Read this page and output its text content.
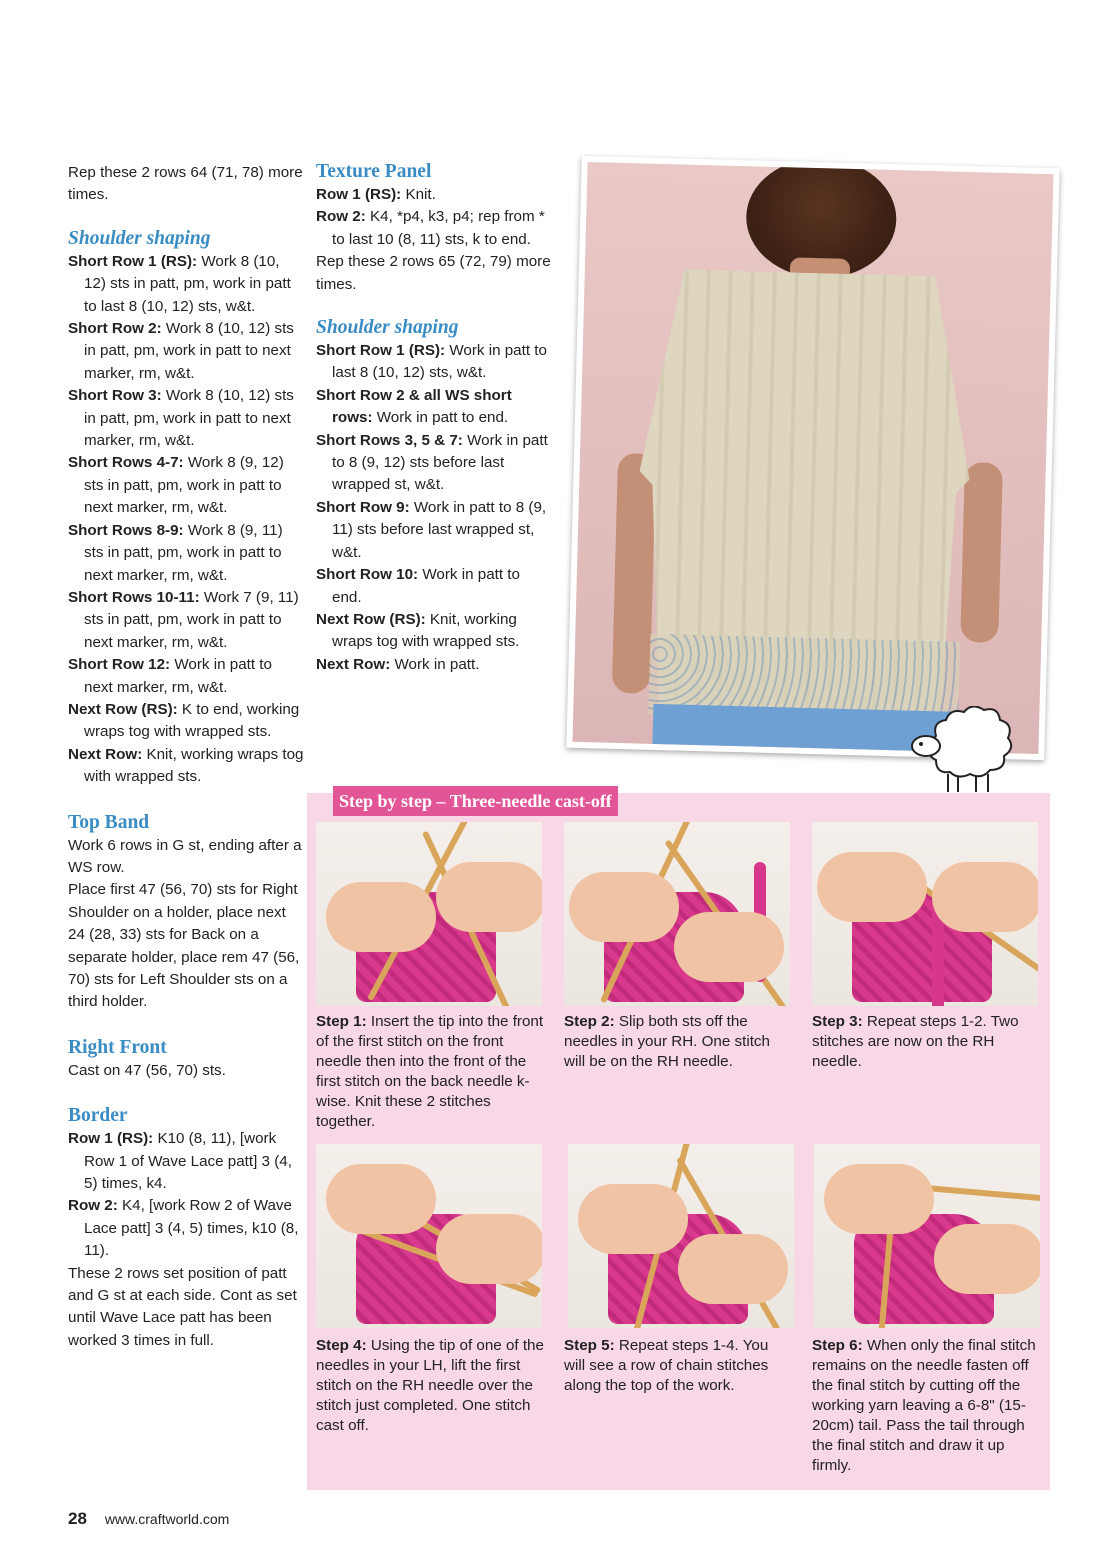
Rep these 2 rows 64 (71, 78) more times.

Shoulder shaping

Short Row 1 (RS): Work 8 (10, 12) sts in patt, pm, work in patt to last 8 (10, 12) sts, w&t.

Short Row 2: Work 8 (10, 12) sts in patt, pm, work in patt to next marker, rm, w&t.

Short Row 3: Work 8 (10, 12) sts in patt, pm, work in patt to next marker, rm, w&t.

Short Rows 4-7: Work 8 (9, 12) sts in patt, pm, work in patt to next marker, rm, w&t.

Short Rows 8-9: Work 8 (9, 11) sts in patt, pm, work in patt to next marker, rm, w&t.

Short Rows 10-11: Work 7 (9, 11) sts in patt, pm, work in patt to next marker, rm, w&t.

Short Row 12: Work in patt to next marker, rm, w&t.

Next Row (RS): K to end, working wraps tog with wrapped sts.

Next Row: Knit, working wraps tog with wrapped sts.

Top Band

Work 6 rows in G st, ending after a WS row.

Place first 47 (56, 70) sts for Right Shoulder on a holder, place next 24 (28, 33) sts for Back on a separate holder, place rem 47 (56, 70) sts for Left Shoulder sts on a third holder.

Right Front

Cast on 47 (56, 70) sts.

Border

Row 1 (RS): K10 (8, 11), [work Row 1 of Wave Lace patt] 3 (4, 5) times, k4.

Row 2: K4, [work Row 2 of Wave Lace patt] 3 (4, 5) times, k10 (8, 11).

These 2 rows set position of patt and G st at each side. Cont as set until Wave Lace patt has been worked 3 times in full.

Texture Panel

Row 1 (RS): Knit.

Row 2: K4, *p4, k3, p4; rep from * to last 10 (8, 11) sts, k to end.

Rep these 2 rows 65 (72, 79) more times.

Shoulder shaping

Short Row 1 (RS): Work in patt to last 8 (10, 12) sts, w&t.

Short Row 2 & all WS short rows: Work in patt to end.

Short Rows 3, 5 & 7: Work in patt to 8 (9, 12) sts before last wrapped st, w&t.

Short Row 9: Work in patt to 8 (9, 11) sts before last wrapped st, w&t.

Short Row 10: Work in patt to end.

Next Row (RS): Knit, working wraps tog with wrapped sts.

Next Row: Work in patt.

Step by step – Three-needle cast-off

Step 1: Insert the tip into the front of the first stitch on the front needle then into the front of the first stitch on the back needle k-wise. Knit these 2 stitches together.

Step 2: Slip both sts off the needles in your RH. One stitch will be on the RH needle.

Step 3: Repeat steps 1-2. Two stitches are now on the RH needle.

Step 4: Using the tip of one of the needles in your LH, lift the first stitch on the RH needle over the stitch just completed. One stitch cast off.

Step 5: Repeat steps 1-4. You will see a row of chain stitches along the top of the work.

Step 6: When only the final stitch remains on the needle fasten off the final stitch by cutting off the working yarn leaving a 6-8" (15-20cm) tail. Pass the tail through the final stitch and draw it up firmly.

28 www.craftworld.com
